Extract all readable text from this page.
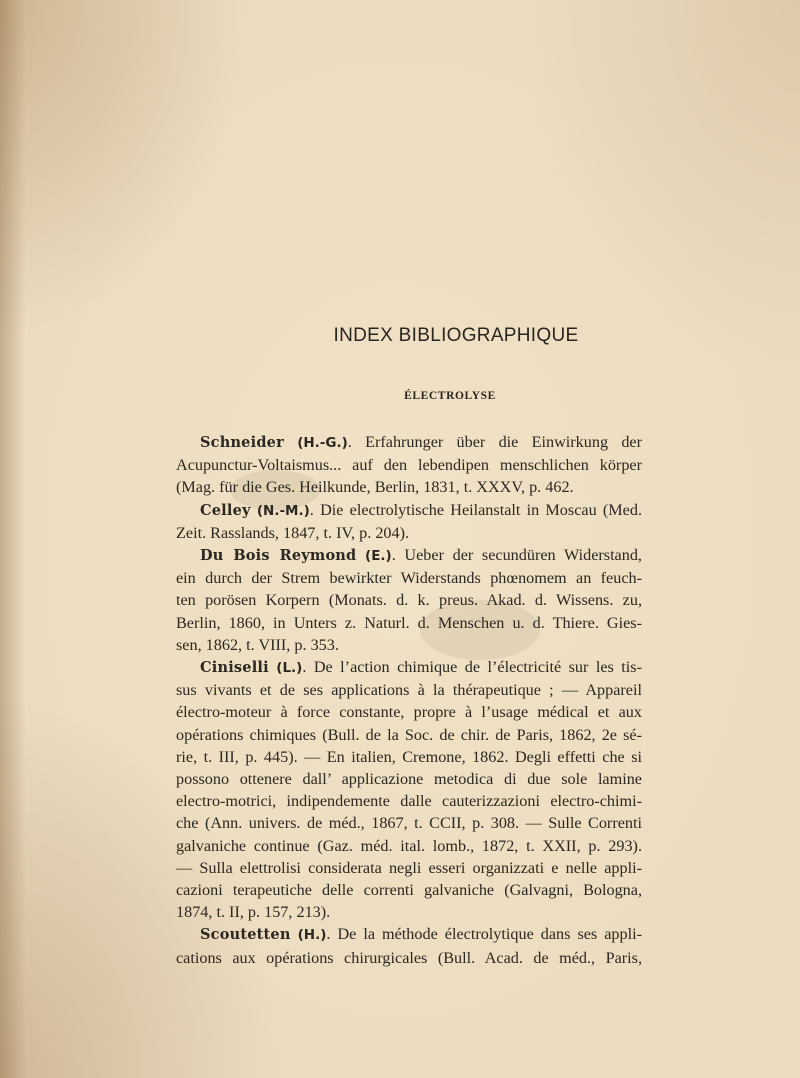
INDEX BIBLIOGRAPHIQUE
ÉLECTROLYSE
Schneider (H.-G.). Erfahrunger über die Einwirkung der
Acupunctur-Voltaismus... auf den lebendipen menschlichen körper
(Mag. für die Ges. Heilkunde, Berlin, 1831, t. XXXV, p. 462.
Celley (N.-M.). Die electrolytische Heilanstalt in Moscau (Med.
Zeit. Rasslands, 1847, t. IV, p. 204).
Du Bois Reymond (E.). Ueber der secundüren Widerstand,
ein durch der Strem bewirkter Widerstands phœnomem an feuch-
ten porösen Korpern (Monats. d. k. preus. Akad. d. Wissens. zu,
Berlin, 1860, in Unters z. Naturl. d. Menschen u. d. Thiere. Gies-
sen, 1862, t. VIII, p. 353.
Ciniselli (L.). De l’action chimique de l’électricité sur les tis-
sus vivants et de ses applications à la thérapeutique ; — Appareil
électro-moteur à force constante, propre à l’usage médical et aux
opérations chimiques (Bull. de la Soc. de chir. de Paris, 1862, 2e sé-
rie, t. III, p. 445). — En italien, Cremone, 1862. Degli effetti che si
possono ottenere dall’ applicazione metodica di due sole lamine
electro-motrici, indipendemente dalle cauterizzazioni electro-chimi-
che (Ann. univers. de méd., 1867, t. CCII, p. 308. — Sulle Correnti
galvaniche continue (Gaz. méd. ital. lomb., 1872, t. XXII, p. 293).
— Sulla elettrolisi considerata negli esseri organizzati e nelle appli-
cazioni terapeutiche delle correnti galvaniche (Galvagni, Bologna,
1874, t. II, p. 157, 213).
Scoutetten (H.). De la méthode électrolytique dans ses appli-
cations aux opérations chirurgicales (Bull. Acad. de méd., Paris,
